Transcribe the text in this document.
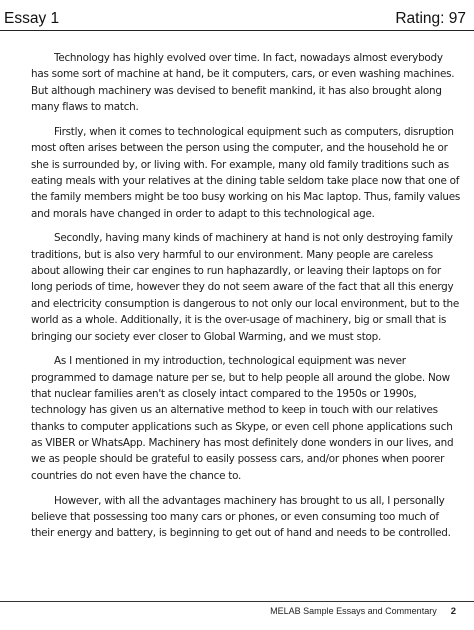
Essay 1	Rating: 97

Technology has highly evolved over time. In fact, nowadays almost everybody has some sort of machine at hand, be it computers, cars, or even washing machines. But although machinery was devised to benefit mankind, it has also brought along many flaws to match.

Firstly, when it comes to technological equipment such as computers, disruption most often arises between the person using the computer, and the household he or she is surrounded by, or living with. For example, many old family traditions such as eating meals with your relatives at the dining table seldom take place now that one of the family members might be too busy working on his Mac laptop. Thus, family values and morals have changed in order to adapt to this technological age.

Secondly, having many kinds of machinery at hand is not only destroying family traditions, but is also very harmful to our environment. Many people are careless about allowing their car engines to run haphazardly, or leaving their laptops on for long periods of time, however they do not seem aware of the fact that all this energy and electricity consumption is dangerous to not only our local environment, but to the world as a whole. Additionally, it is the over-usage of machinery, big or small that is bringing our society ever closer to Global Warming, and we must stop.

As I mentioned in my introduction, technological equipment was never programmed to damage nature per se, but to help people all around the globe. Now that nuclear families aren't as closely intact compared to the 1950s or 1990s, technology has given us an alternative method to keep in touch with our relatives thanks to computer applications such as Skype, or even cell phone applications such as VIBER or WhatsApp. Machinery has most definitely done wonders in our lives, and we as people should be grateful to easily possess cars, and/or phones when poorer countries do not even have the chance to.

However, with all the advantages machinery has brought to us all, I personally believe that possessing too many cars or phones, or even consuming too much of their energy and battery, is beginning to get out of hand and needs to be controlled.

MELAB Sample Essays and Commentary 2
